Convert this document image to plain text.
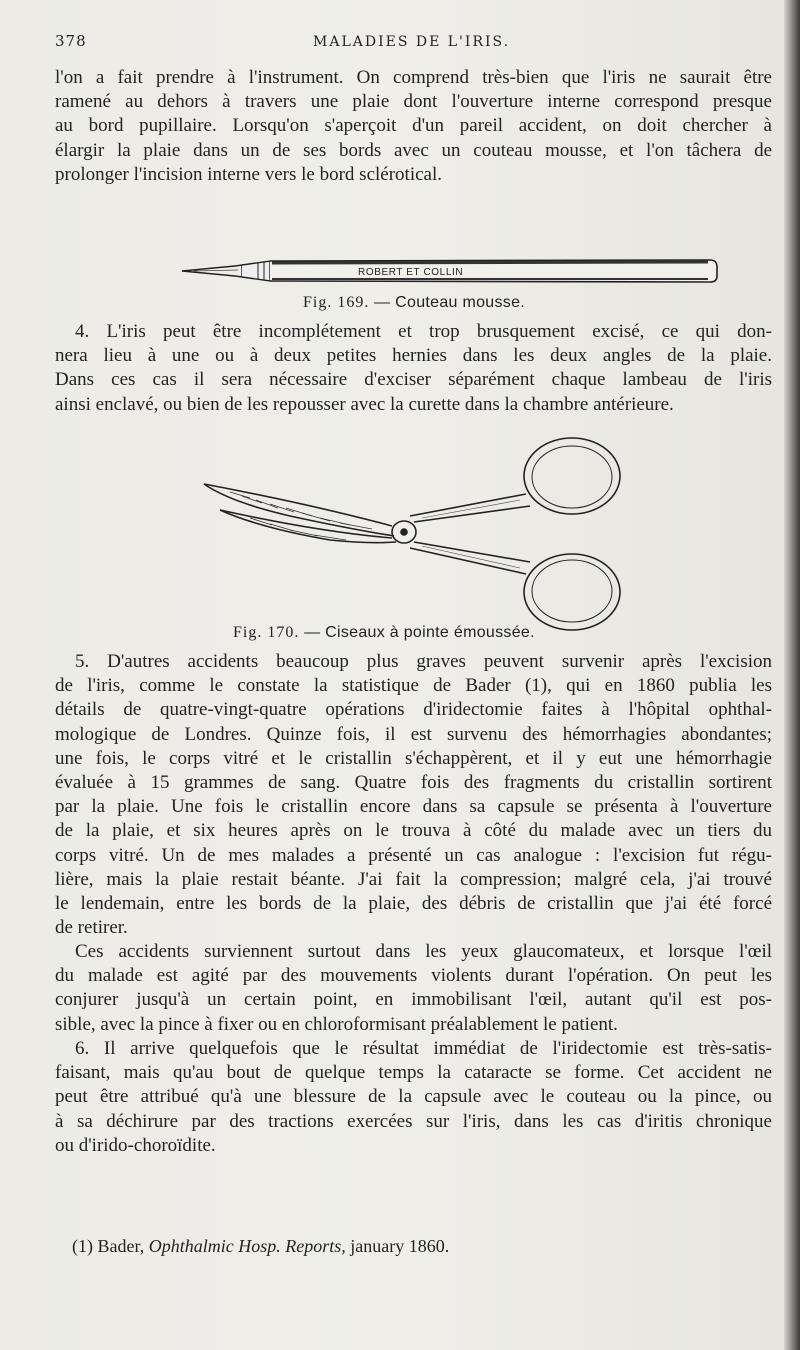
378	MALADIES DE L'IRIS.
l'on a fait prendre à l'instrument. On comprend très-bien que l'iris ne saurait être
ramené au dehors à travers une plaie dont l'ouverture interne correspond presque
au bord pupillaire. Lorsqu'on s'aperçoit d'un pareil accident, on doit chercher à
élargir la plaie dans un de ses bords avec un couteau mousse, et l'on tâchera de
prolonger l'incision interne vers le bord sclérotical.
ROBERT ET COLLIN
Fig. 169. — Couteau mousse.
4. L'iris peut être incomplétement et trop brusquement excisé, ce qui don-
nera lieu à une ou à deux petites hernies dans les deux angles de la plaie.
Dans ces cas il sera nécessaire d'exciser séparément chaque lambeau de l'iris
ainsi enclavé, ou bien de les repousser avec la curette dans la chambre antérieure.
Fig. 170. — Ciseaux à pointe émoussée.
5. D'autres accidents beaucoup plus graves peuvent survenir après l'excision
de l'iris, comme le constate la statistique de Bader (1), qui en 1860 publia les
détails de quatre-vingt-quatre opérations d'iridectomie faites à l'hôpital ophthal-
mologique de Londres. Quinze fois, il est survenu des hémorrhagies abondantes;
une fois, le corps vitré et le cristallin s'échappèrent, et il y eut une hémorrhagie
évaluée à 15 grammes de sang. Quatre fois des fragments du cristallin sortirent
par la plaie. Une fois le cristallin encore dans sa capsule se présenta à l'ouverture
de la plaie, et six heures après on le trouva à côté du malade avec un tiers du
corps vitré. Un de mes malades a présenté un cas analogue : l'excision fut régu-
lière, mais la plaie restait béante. J'ai fait la compression; malgré cela, j'ai trouvé
le lendemain, entre les bords de la plaie, des débris de cristallin que j'ai été forcé
de retirer.
Ces accidents surviennent surtout dans les yeux glaucomateux, et lorsque l'œil
du malade est agité par des mouvements violents durant l'opération. On peut les
conjurer jusqu'à un certain point, en immobilisant l'œil, autant qu'il est pos-
sible, avec la pince à fixer ou en chloroformisant préalablement le patient.
6. Il arrive quelquefois que le résultat immédiat de l'iridectomie est très-satis-
faisant, mais qu'au bout de quelque temps la cataracte se forme. Cet accident ne
peut être attribué qu'à une blessure de la capsule avec le couteau ou la pince, ou
à sa déchirure par des tractions exercées sur l'iris, dans les cas d'iritis chronique
ou d'irido-choroïdite.
(1) Bader, Ophthalmic Hosp. Reports, january 1860.
